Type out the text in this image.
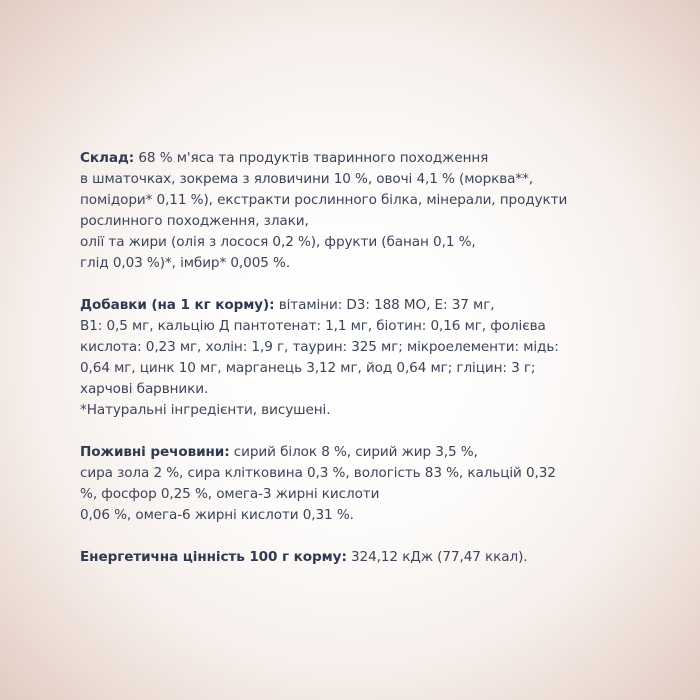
Склад: 68 % м'яса та продуктів тваринного походження
в шматочках, зокрема з яловичини 10 %, овочі 4,1 % (морква**,
помідори* 0,11 %), екстракти рослинного білка, мінерали, продукти
рослинного походження, злаки,
олії та жири (олія з лосося 0,2 %), фрукти (банан 0,1 %,
глід 0,03 %)*, імбир* 0,005 %.
Добавки (на 1 кг корму): вітаміни: D3: 188 МО, E: 37 мг,
B1: 0,5 мг, кальцію Д пантотенат: 1,1 мг, біотин: 0,16 мг, фолієва
кислота: 0,23 мг, холін: 1,9 г, таурин: 325 мг; мікроелементи: мідь:
0,64 мг, цинк 10 мг, марганець 3,12 мг, йод 0,64 мг; гліцин: 3 г;
харчові барвники.
*Натуральні інгредієнти, висушені.
Поживні речовини: сирий білок 8 %, сирий жир 3,5 %,
сира зола 2 %, сира клітковина 0,3 %, вологість 83 %, кальцій 0,32
%, фосфор 0,25 %, омега-3 жирні кислоти
0,06 %, омега-6 жирні кислоти 0,31 %.
Енергетична цінність 100 г корму: 324,12 кДж (77,47 ккал).
